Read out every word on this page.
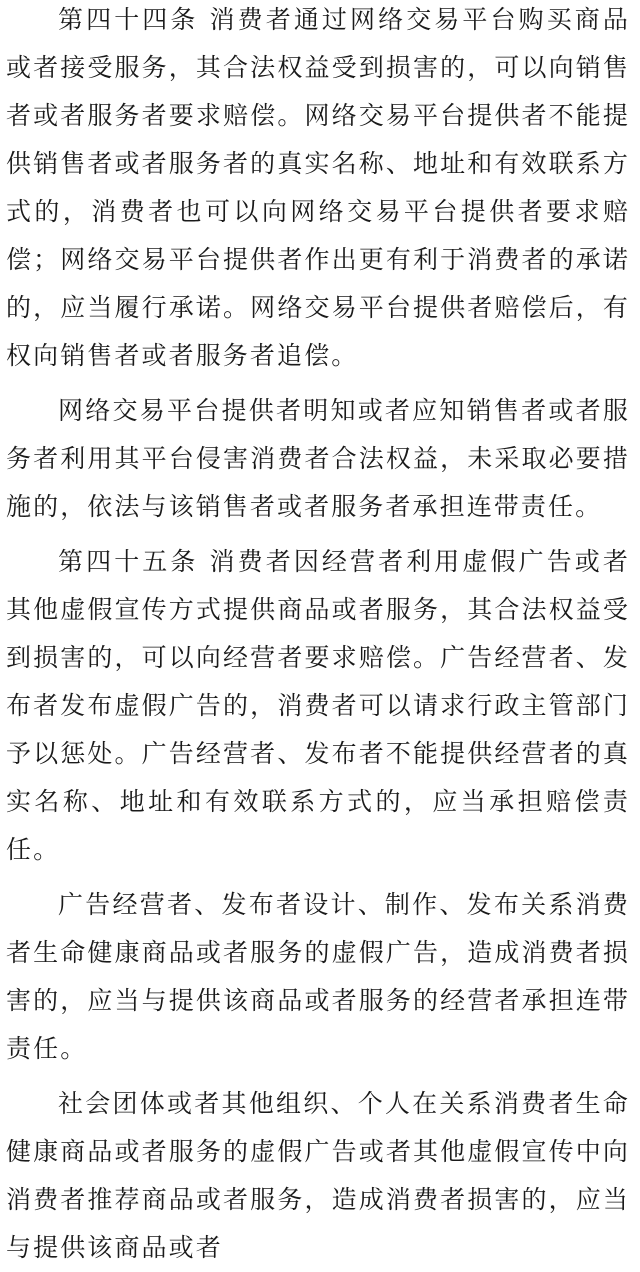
第四十四条 消费者通过网络交易平台购买商品或者接受服务，其合法权益受到损害的，可以向销售者或者服务者要求赔偿。网络交易平台提供者不能提供销售者或者服务者的真实名称、地址和有效联系方式的，消费者也可以向网络交易平台提供者要求赔偿；网络交易平台提供者作出更有利于消费者的承诺的，应当履行承诺。网络交易平台提供者赔偿后，有权向销售者或者服务者追偿。

网络交易平台提供者明知或者应知销售者或者服务者利用其平台侵害消费者合法权益，未采取必要措施的，依法与该销售者或者服务者承担连带责任。

第四十五条 消费者因经营者利用虚假广告或者其他虚假宣传方式提供商品或者服务，其合法权益受到损害的，可以向经营者要求赔偿。广告经营者、发布者发布虚假广告的，消费者可以请求行政主管部门予以惩处。广告经营者、发布者不能提供经营者的真实名称、地址和有效联系方式的，应当承担赔偿责任。

广告经营者、发布者设计、制作、发布关系消费者生命健康商品或者服务的虚假广告，造成消费者损害的，应当与提供该商品或者服务的经营者承担连带责任。

社会团体或者其他组织、个人在关系消费者生命健康商品或者服务的虚假广告或者其他虚假宣传中向消费者推荐商品或者服务，造成消费者损害的，应当与提供该商品或者
